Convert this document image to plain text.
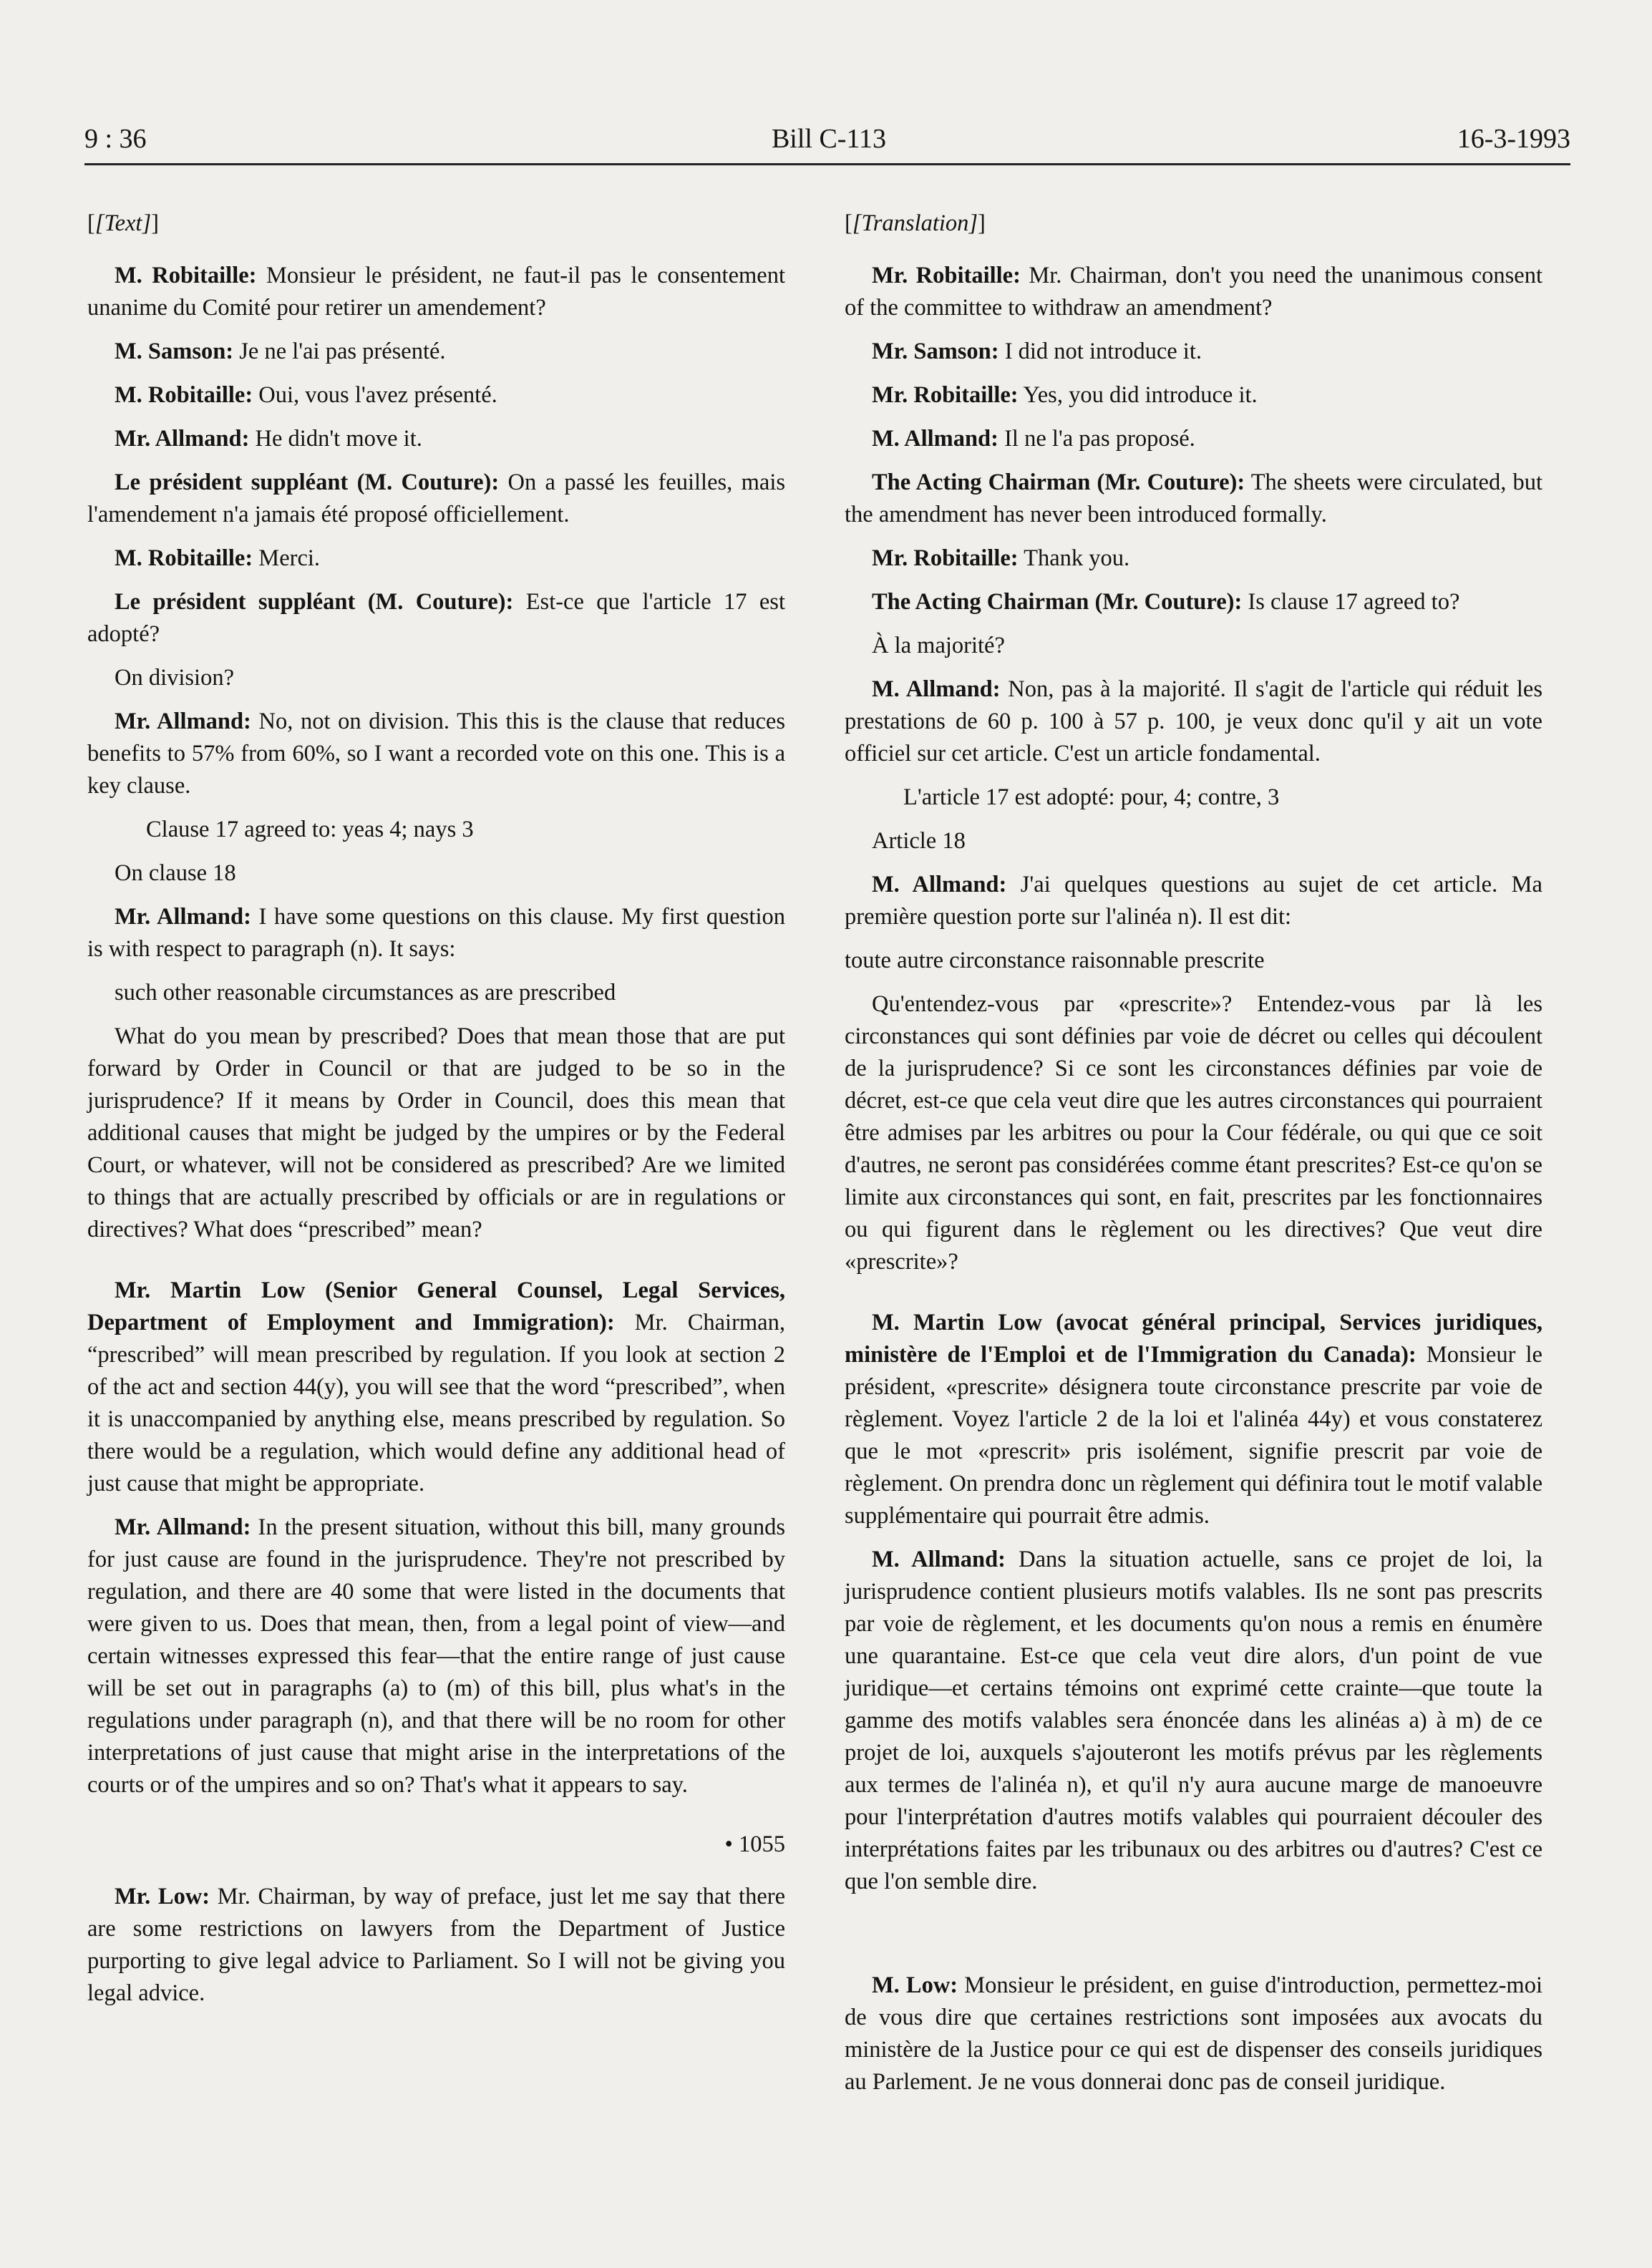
9 : 36	Bill C-113	16-3-1993

[[Text]]

M. Robitaille: Monsieur le président, ne faut-il pas le consentement unanime du Comité pour retirer un amendement?

M. Samson: Je ne l'ai pas présenté.

M. Robitaille: Oui, vous l'avez présenté.

Mr. Allmand: He didn't move it.

Le président suppléant (M. Couture): On a passé les feuilles, mais l'amendement n'a jamais été proposé officiellement.

M. Robitaille: Merci.

Le président suppléant (M. Couture): Est-ce que l'article 17 est adopté?

On division?

Mr. Allmand: No, not on division. This this is the clause that reduces benefits to 57% from 60%, so I want a recorded vote on this one. This is a key clause.

Clause 17 agreed to: yeas 4; nays 3

On clause 18

Mr. Allmand: I have some questions on this clause. My first question is with respect to paragraph (n). It says:

such other reasonable circumstances as are prescribed

What do you mean by prescribed? Does that mean those that are put forward by Order in Council or that are judged to be so in the jurisprudence? If it means by Order in Council, does this mean that additional causes that might be judged by the umpires or by the Federal Court, or whatever, will not be considered as prescribed? Are we limited to things that are actually prescribed by officials or are in regulations or directives? What does “prescribed” mean?

Mr. Martin Low (Senior General Counsel, Legal Services, Department of Employment and Immigration): Mr. Chairman, “prescribed” will mean prescribed by regulation. If you look at section 2 of the act and section 44(y), you will see that the word “prescribed”, when it is unaccompanied by anything else, means prescribed by regulation. So there would be a regulation, which would define any additional head of just cause that might be appropriate.

Mr. Allmand: In the present situation, without this bill, many grounds for just cause are found in the jurisprudence. They're not prescribed by regulation, and there are 40 some that were listed in the documents that were given to us. Does that mean, then, from a legal point of view—and certain witnesses expressed this fear—that the entire range of just cause will be set out in paragraphs (a) to (m) of this bill, plus what's in the regulations under paragraph (n), and that there will be no room for other interpretations of just cause that might arise in the interpretations of the courts or of the umpires and so on? That's what it appears to say.

• 1055

Mr. Low: Mr. Chairman, by way of preface, just let me say that there are some restrictions on lawyers from the Department of Justice purporting to give legal advice to Parliament. So I will not be giving you legal advice.

[[Translation]]

Mr. Robitaille: Mr. Chairman, don't you need the unanimous consent of the committee to withdraw an amendment?

Mr. Samson: I did not introduce it.

Mr. Robitaille: Yes, you did introduce it.

M. Allmand: Il ne l'a pas proposé.

The Acting Chairman (Mr. Couture): The sheets were circulated, but the amendment has never been introduced formally.

Mr. Robitaille: Thank you.

The Acting Chairman (Mr. Couture): Is clause 17 agreed to?

À la majorité?

M. Allmand: Non, pas à la majorité. Il s'agit de l'article qui réduit les prestations de 60 p. 100 à 57 p. 100, je veux donc qu'il y ait un vote officiel sur cet article. C'est un article fondamental.

L'article 17 est adopté: pour, 4; contre, 3

Article 18

M. Allmand: J'ai quelques questions au sujet de cet article. Ma première question porte sur l'alinéa n). Il est dit:

toute autre circonstance raisonnable prescrite

Qu'entendez-vous par «prescrite»? Entendez-vous par là les circonstances qui sont définies par voie de décret ou celles qui découlent de la jurisprudence? Si ce sont les circonstances définies par voie de décret, est-ce que cela veut dire que les autres circonstances qui pourraient être admises par les arbitres ou pour la Cour fédérale, ou qui que ce soit d'autres, ne seront pas considérées comme étant prescrites? Est-ce qu'on se limite aux circonstances qui sont, en fait, prescrites par les fonctionnaires ou qui figurent dans le règlement ou les directives? Que veut dire «prescrite»?

M. Martin Low (avocat général principal, Services juridiques, ministère de l'Emploi et de l'Immigration du Canada): Monsieur le président, «prescrite» désignera toute circonstance prescrite par voie de règlement. Voyez l'article 2 de la loi et l'alinéa 44y) et vous constaterez que le mot «prescrit» pris isolément, signifie prescrit par voie de règlement. On prendra donc un règlement qui définira tout le motif valable supplémentaire qui pourrait être admis.

M. Allmand: Dans la situation actuelle, sans ce projet de loi, la jurisprudence contient plusieurs motifs valables. Ils ne sont pas prescrits par voie de règlement, et les documents qu'on nous a remis en énumère une quarantaine. Est-ce que cela veut dire alors, d'un point de vue juridique—et certains témoins ont exprimé cette crainte—que toute la gamme des motifs valables sera énoncée dans les alinéas a) à m) de ce projet de loi, auxquels s'ajouteront les motifs prévus par les règlements aux termes de l'alinéa n), et qu'il n'y aura aucune marge de manoeuvre pour l'interprétation d'autres motifs valables qui pourraient découler des interprétations faites par les tribunaux ou des arbitres ou d'autres? C'est ce que l'on semble dire.

M. Low: Monsieur le président, en guise d'introduction, permettez-moi de vous dire que certaines restrictions sont imposées aux avocats du ministère de la Justice pour ce qui est de dispenser des conseils juridiques au Parlement. Je ne vous donnerai donc pas de conseil juridique.
